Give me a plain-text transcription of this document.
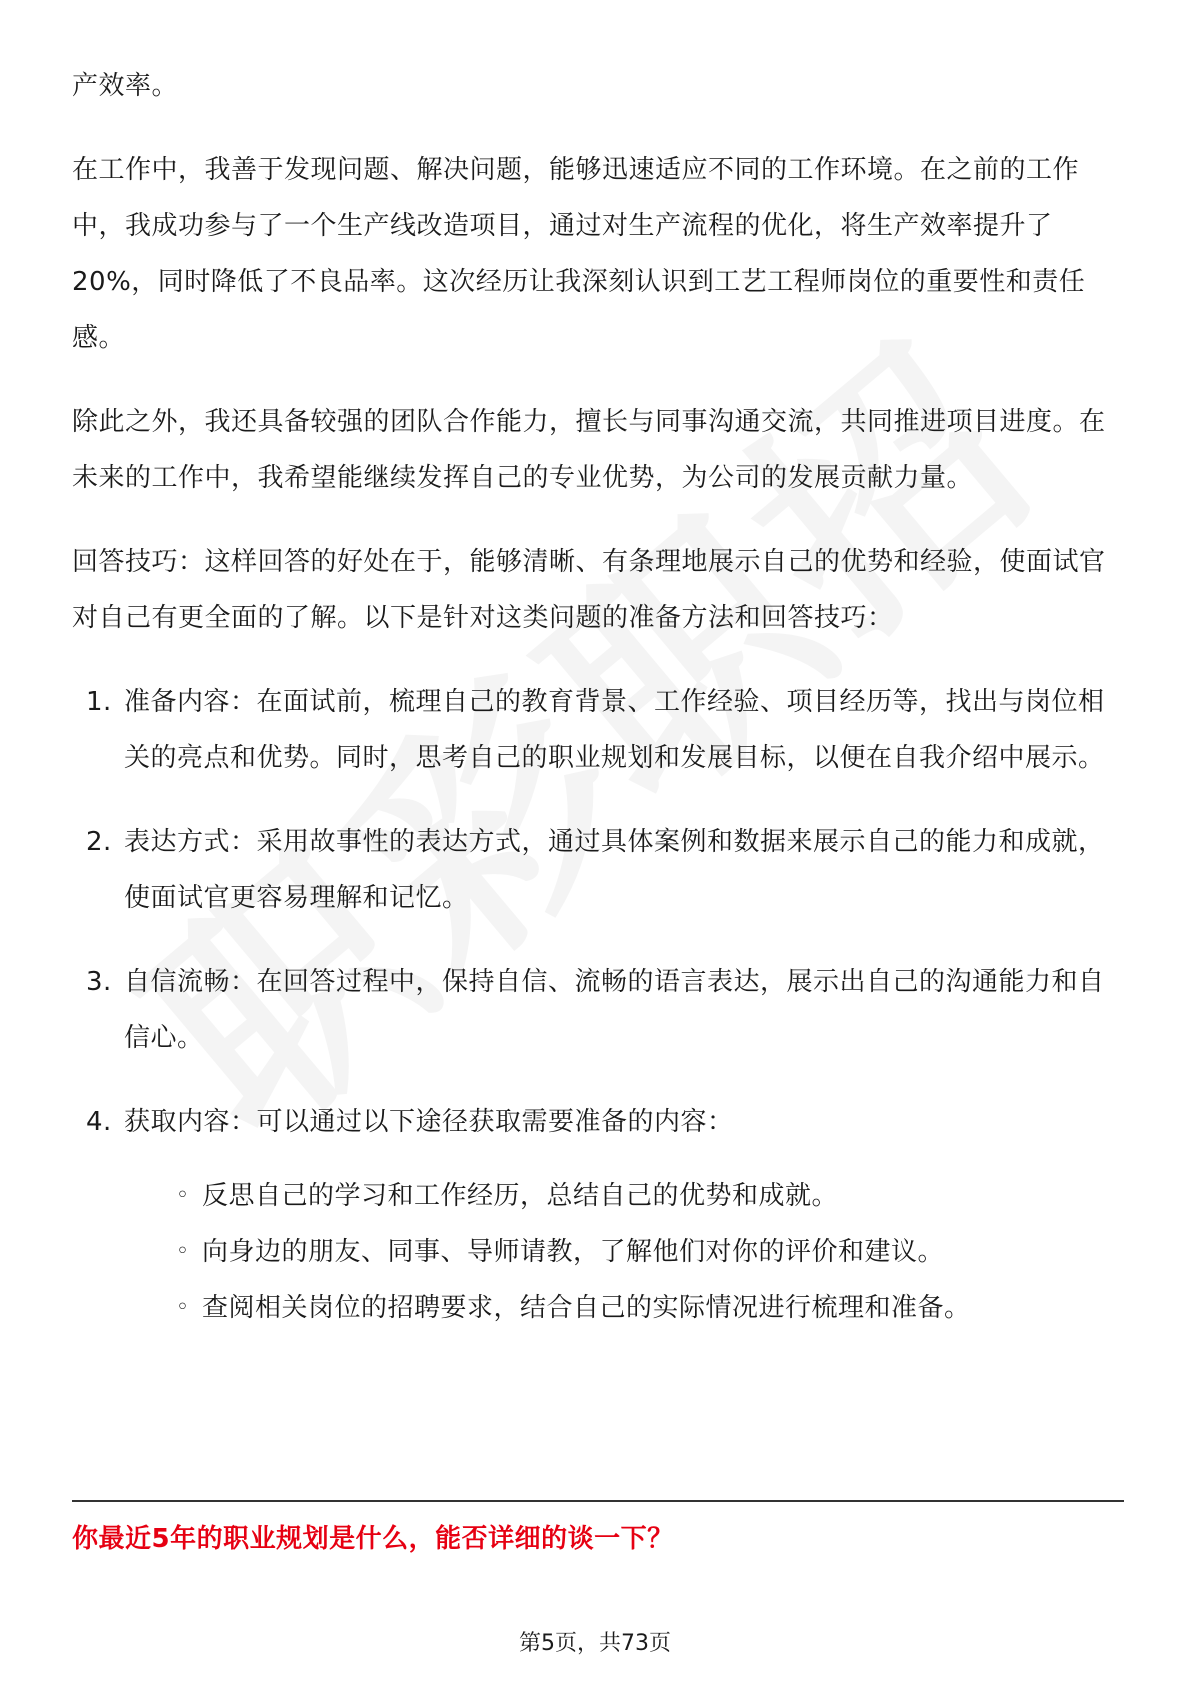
产效率。

在工作中，我善于发现问题、解决问题，能够迅速适应不同的工作环境。在之前的工作中，我成功参与了一个生产线改造项目，通过对生产流程的优化，将生产效率提升了20%，同时降低了不良品率。这次经历让我深刻认识到工艺工程师岗位的重要性和责任感。

除此之外，我还具备较强的团队合作能力，擅长与同事沟通交流，共同推进项目进度。在未来的工作中，我希望能继续发挥自己的专业优势，为公司的发展贡献力量。

回答技巧：这样回答的好处在于，能够清晰、有条理地展示自己的优势和经验，使面试官对自己有更全面的了解。以下是针对这类问题的准备方法和回答技巧：

1. 准备内容：在面试前，梳理自己的教育背景、工作经验、项目经历等，找出与岗位相关的亮点和优势。同时，思考自己的职业规划和发展目标，以便在自我介绍中展示。
2. 表达方式：采用故事性的表达方式，通过具体案例和数据来展示自己的能力和成就，使面试官更容易理解和记忆。
3. 自信流畅：在回答过程中，保持自信、流畅的语言表达，展示出自己的沟通能力和自信心。
4. 获取内容：可以通过以下途径获取需要准备的内容：
◦ 反思自己的学习和工作经历，总结自己的优势和成就。
◦ 向身边的朋友、同事、导师请教，了解他们对你的评价和建议。
◦ 查阅相关岗位的招聘要求，结合自己的实际情况进行梳理和准备。
你最近5年的职业规划是什么，能否详细的谈一下？
第5页，共73页
